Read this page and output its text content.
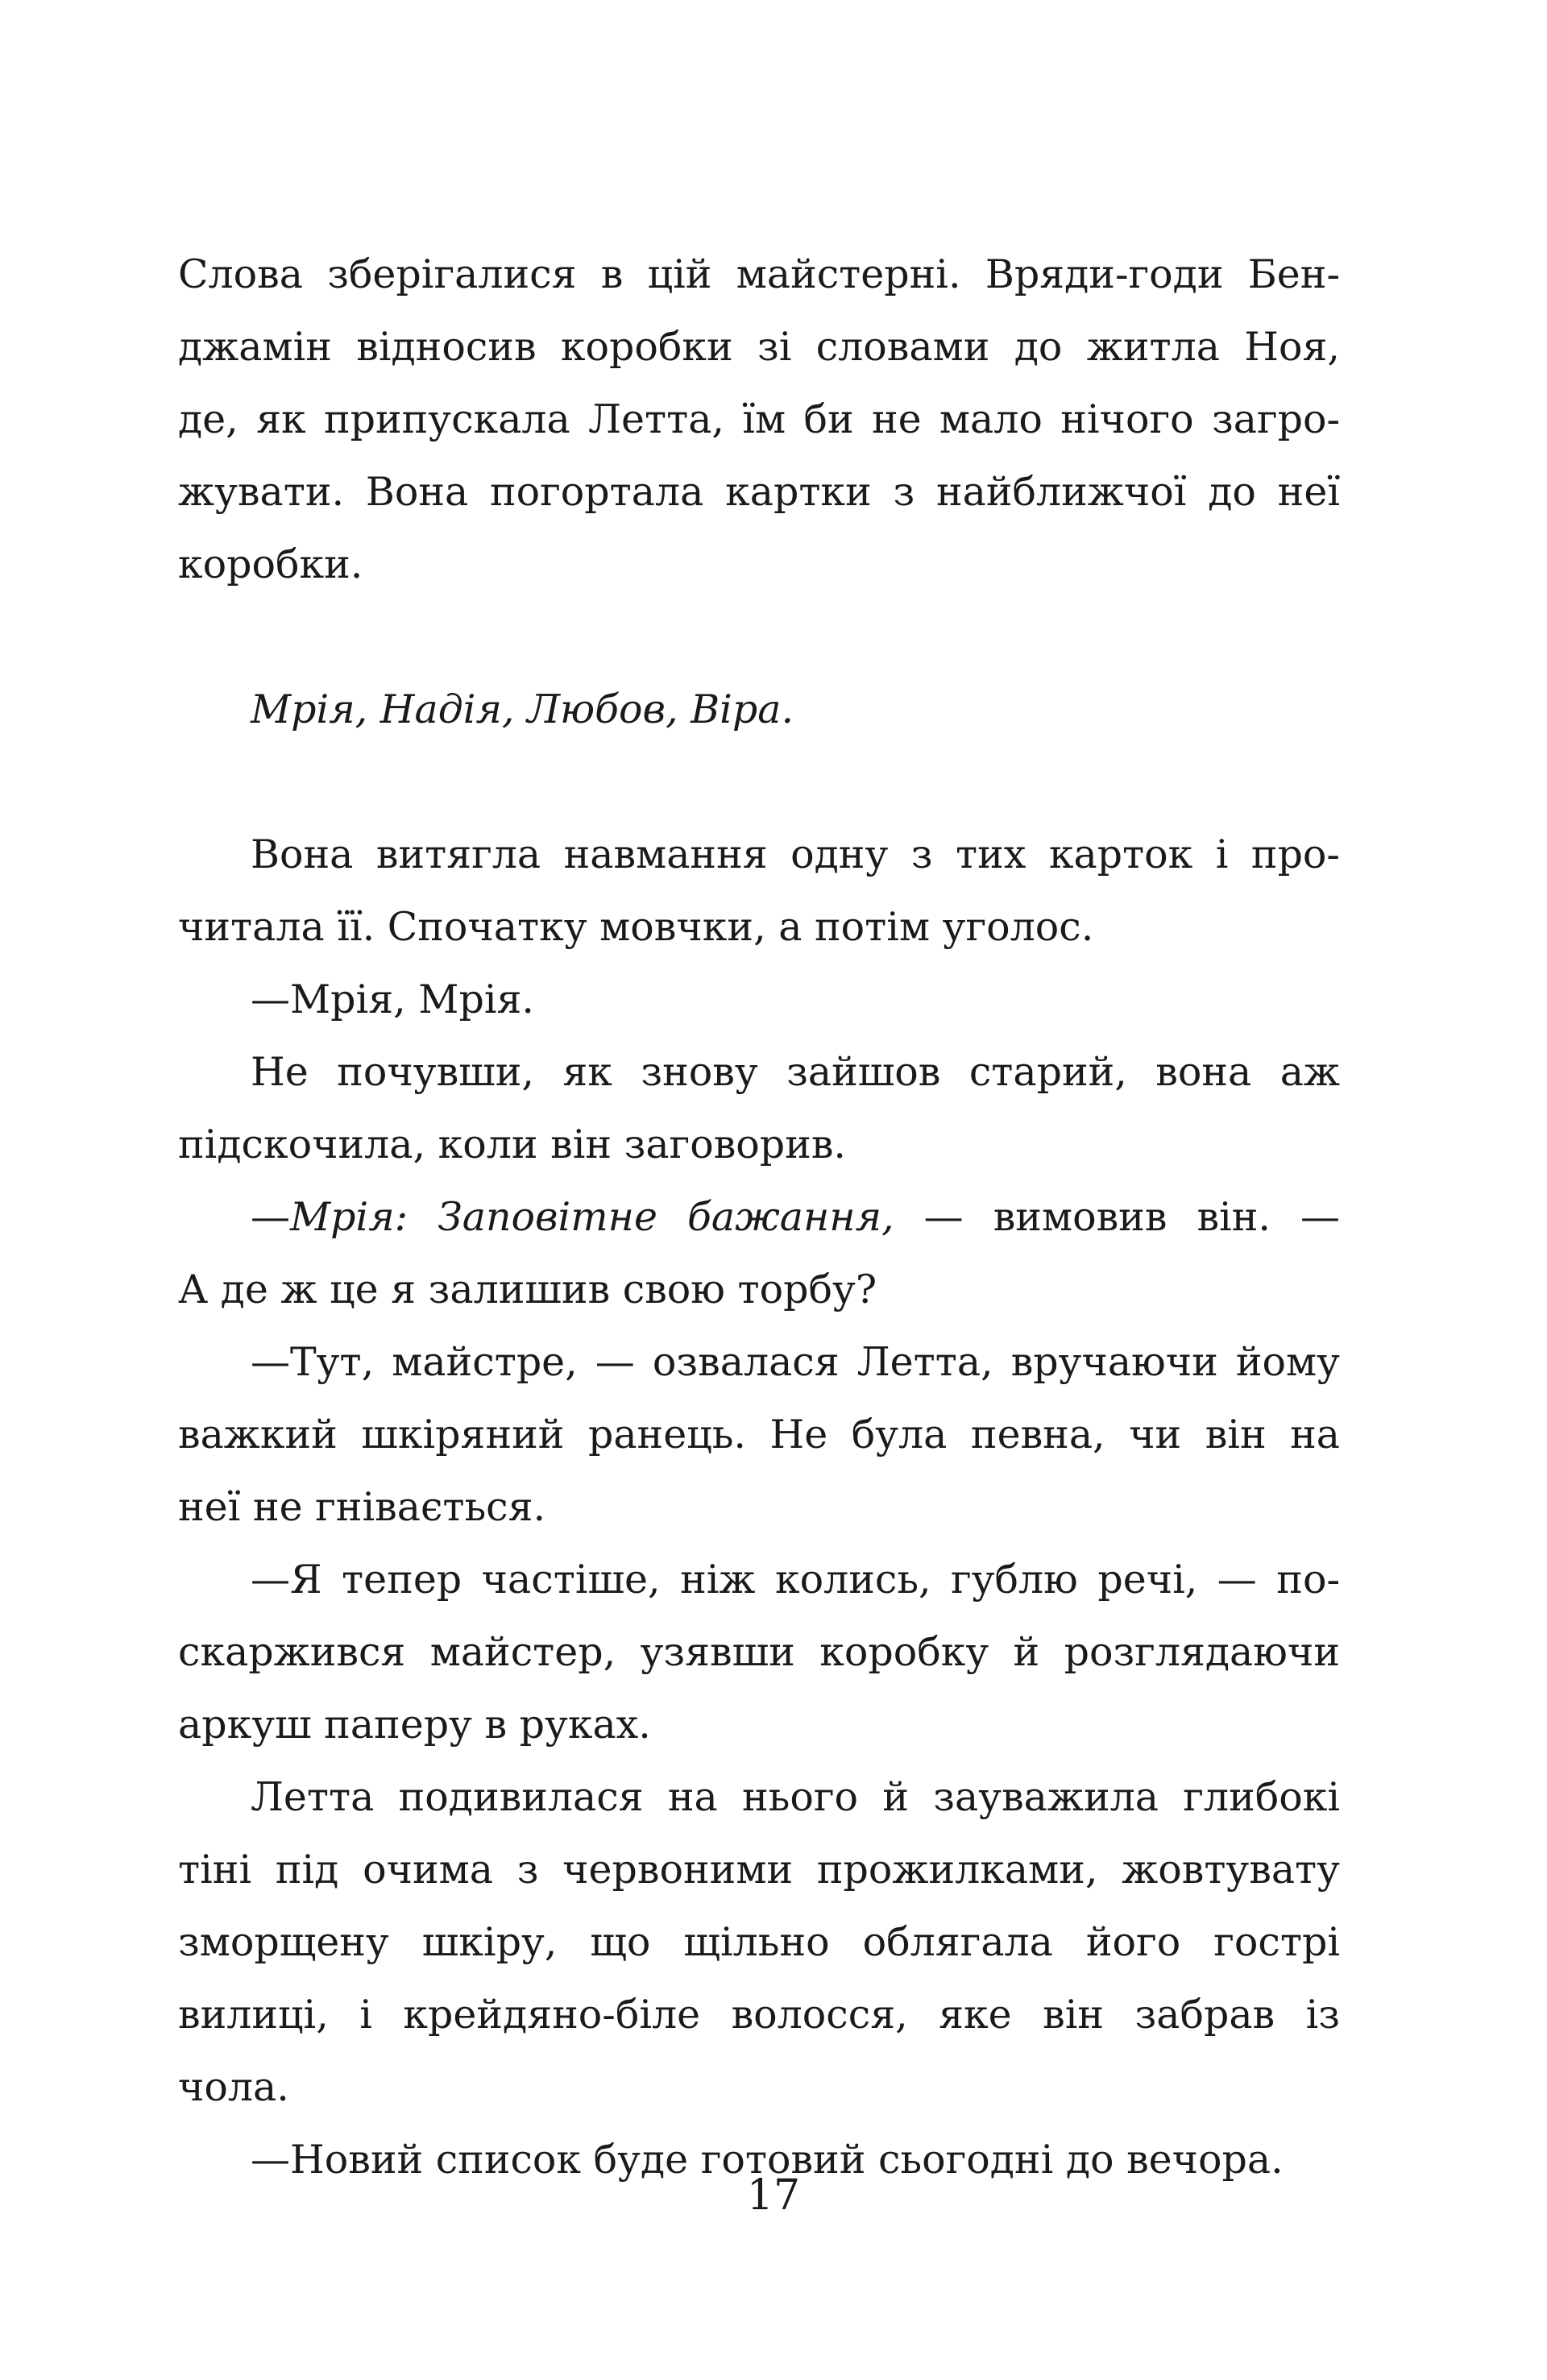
Слова зберігалися в цій майстерні. Вряди-годи Бен-
джамін відносив коробки зі словами до житла Ноя,
де, як припускала Летта, їм би не мало нічого загро-
жувати. Вона погортала картки з найближчої до неї
коробки.
Мрія, Надія, Любов, Віра.
Вона витягла навмання одну з тих карток і про-
читала її. Спочатку мовчки, а потім уголос.
—Мрія, Мрія.
Не почувши, як знову зайшов старий, вона аж
підскочила, коли він заговорив.
—Мрія: Заповітне бажання, — вимовив він. —
А де ж це я залишив свою торбу?
—Тут, майстре, — озвалася Летта, вручаючи йому
важкий шкіряний ранець. Не була певна, чи він на
неї не гнівається.
—Я тепер частіше, ніж колись, гублю речі, — по-
скаржився майстер, узявши коробку й розглядаючи
аркуш паперу в руках.
Летта подивилася на нього й зауважила глибокі
тіні під очима з червоними прожилками, жовтувату
зморщену шкіру, що щільно облягала його гострі
вилиці, і крейдяно-біле волосся, яке він забрав із
чола.
—Новий список буде готовий сьогодні до вечора.
17
